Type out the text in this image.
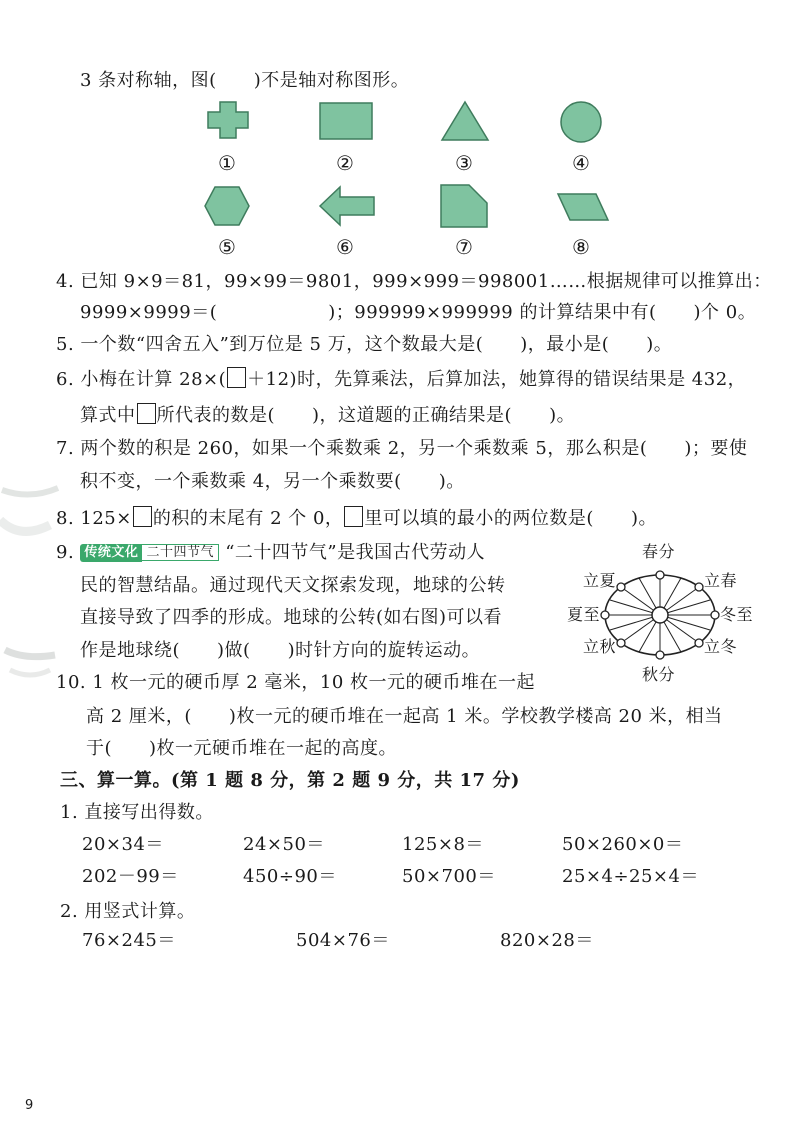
3 条对称轴，图(　　)不是轴对称图形。
①	②	③	④
⑤	⑥	⑦	⑧
4. 已知 9×9＝81，99×99＝9801，999×999＝998001……根据规律可以推算出：
9999×9999＝(　　　　　　)；999999×999999 的计算结果中有(　　)个 0。
5. 一个数“四舍五入”到万位是 5 万，这个数最大是(　　)，最小是(　　)。
6. 小梅在计算 28×( ＋12)时，先算乘法，后算加法，她算得的错误结果是 432，
算式中 所代表的数是(　　)，这道题的正确结果是(　　)。
7. 两个数的积是 260，如果一个乘数乘 2，另一个乘数乘 5，那么积是(　　)；要使
积不变，一个乘数乘 4，另一个乘数要(　　)。
8. 125× 的积的末尾有 2 个 0， 里可以填的最小的两位数是(　　)。
9. 传统文化 二十四节气 “二十四节气”是我国古代劳动人
民的智慧结晶。通过现代天文探索发现，地球的公转
直接导致了四季的形成。地球的公转(如右图)可以看
作是地球绕(　　)做(　　)时针方向的旋转运动。
春分
秋分
立夏	立春
夏至	冬至
立秋	立冬
10. 1 枚一元的硬币厚 2 毫米，10 枚一元的硬币堆在一起
高 2 厘米，(　　)枚一元的硬币堆在一起高 1 米。学校教学楼高 20 米，相当
于(　　)枚一元硬币堆在一起的高度。
三、算一算。(第 1 题 8 分，第 2 题 9 分，共 17 分)
1. 直接写出得数。
20×34＝	24×50＝	125×8＝	50×260×0＝
202－99＝	450÷90＝	50×700＝	25×4÷25×4＝
2. 用竖式计算。
76×245＝	504×76＝	820×28＝
9
